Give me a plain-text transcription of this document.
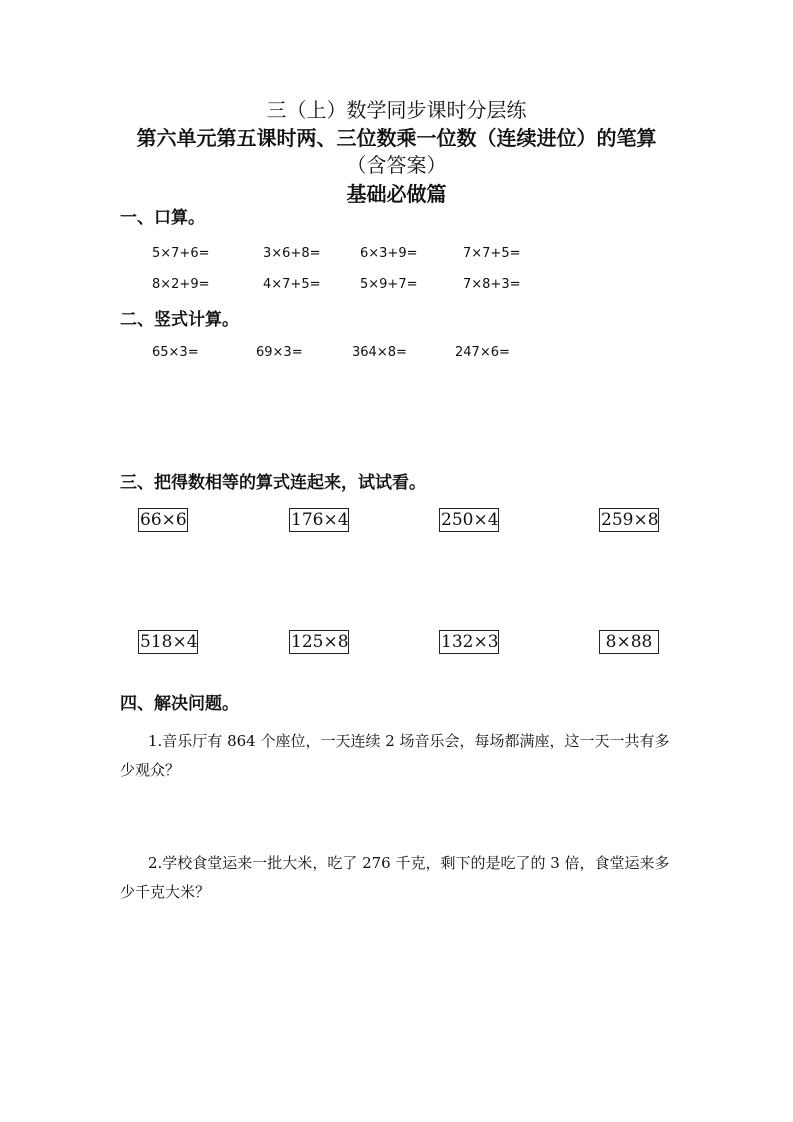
三（上）数学同步课时分层练
第六单元第五课时两、三位数乘一位数（连续进位）的笔算
（含答案）
基础必做篇
一、口算。
5×7+6=	3×6+8=	6×3+9=	7×7+5=
8×2+9=	4×7+5=	5×9+7=	7×8+3=
二、竖式计算。
65×3=	69×3=	364×8=	247×6=
三、把得数相等的算式连起来，试试看。
66×6	176×4	250×4	259×8
518×4	125×8	132×3	8×88
四、解决问题。
1.音乐厅有 864 个座位，一天连续 2 场音乐会，每场都满座，这一天一共有多少观众？
2.学校食堂运来一批大米，吃了 276 千克，剩下的是吃了的 3 倍，食堂运来多少千克大米？
